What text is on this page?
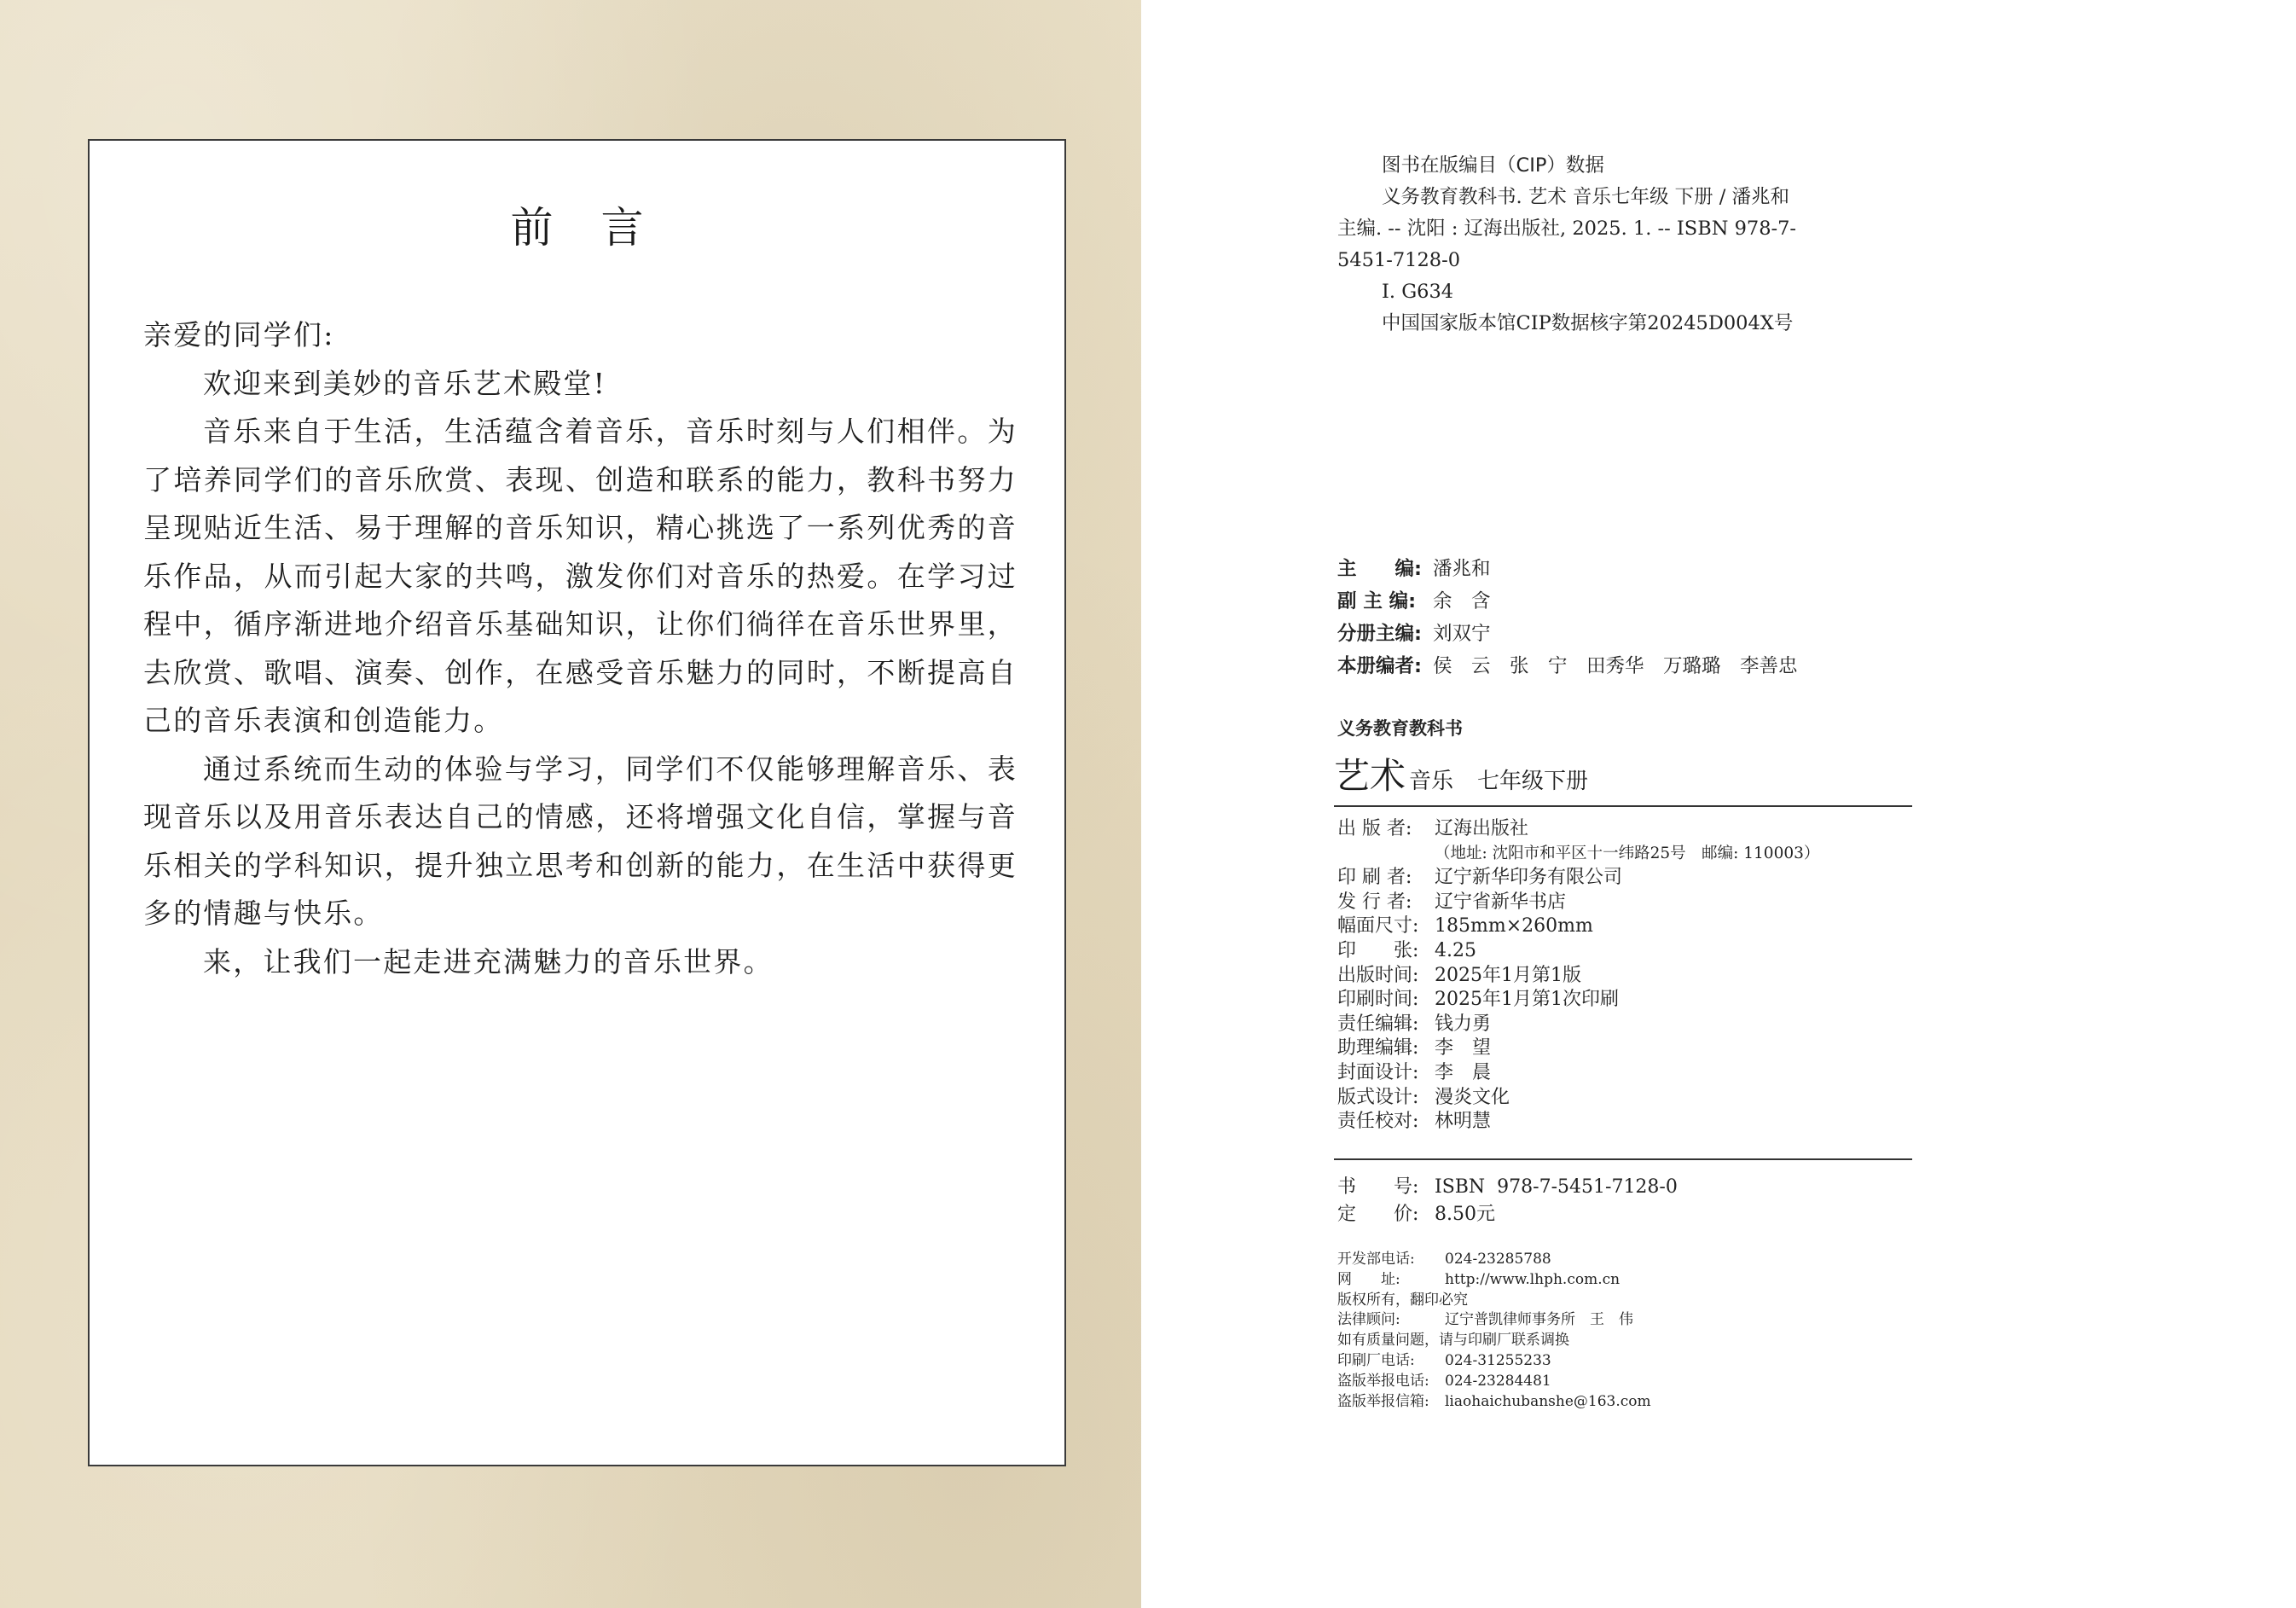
前言

亲爱的同学们:

欢迎来到美妙的音乐艺术殿堂!

音乐来自于生活，生活蕴含着音乐，音乐时刻与人们相伴。为了培养同学们的音乐欣赏、表现、创造和联系的能力，教科书努力呈现贴近生活、易于理解的音乐知识，精心挑选了一系列优秀的音乐作品，从而引起大家的共鸣，激发你们对音乐的热爱。在学习过程中，循序渐进地介绍音乐基础知识，让你们徜徉在音乐世界里，去欣赏、歌唱、演奏、创作，在感受音乐魅力的同时，不断提高自己的音乐表演和创造能力。

通过系统而生动的体验与学习，同学们不仅能够理解音乐、表现音乐以及用音乐表达自己的情感，还将增强文化自信，掌握与音乐相关的学科知识，提升独立思考和创新的能力，在生活中获得更多的情趣与快乐。

来，让我们一起走进充满魅力的音乐世界。

图书在版编目（CIP）数据
义务教育教科书. 艺术 音乐七年级 下册 / 潘兆和
主编. -- 沈阳 : 辽海出版社, 2025. 1. -- ISBN 978-7-
5451-7128-0
Ⅰ. G634
中国国家版本馆CIP数据核字第20245D004X号
主　　编: 潘兆和
副 主 编: 余　含
分册主编: 刘双宁
本册编者: 侯　云　张　宁　田秀华　万璐璐　李善忠
义务教育教科书
艺术 音乐 七年级下册
出 版 者:	辽海出版社
（地址: 沈阳市和平区十一纬路25号　邮编: 110003）
印 刷 者:	辽宁新华印务有限公司
发 行 者:	辽宁省新华书店
幅面尺寸: 185mm×260mm
印　　张: 4.25
出版时间: 2025年1月第1版
印刷时间: 2025年1月第1次印刷
责任编辑: 钱力勇
助理编辑: 李　望
封面设计: 李　晨
版式设计: 漫炎文化
责任校对: 林明慧
书　　号: ISBN  978-7-5451-7128-0
定　　价: 8.50元
开发部电话:	024-23285788
网　　址:	http://www.lhph.com.cn
版权所有，翻印必究
法律顾问:	辽宁普凯律师事务所　王　伟
如有质量问题，请与印刷厂联系调换
印刷厂电话:	024-31255233
盗版举报电话:	024-23284481
盗版举报信箱:	liaohaichubanshe@163.com
